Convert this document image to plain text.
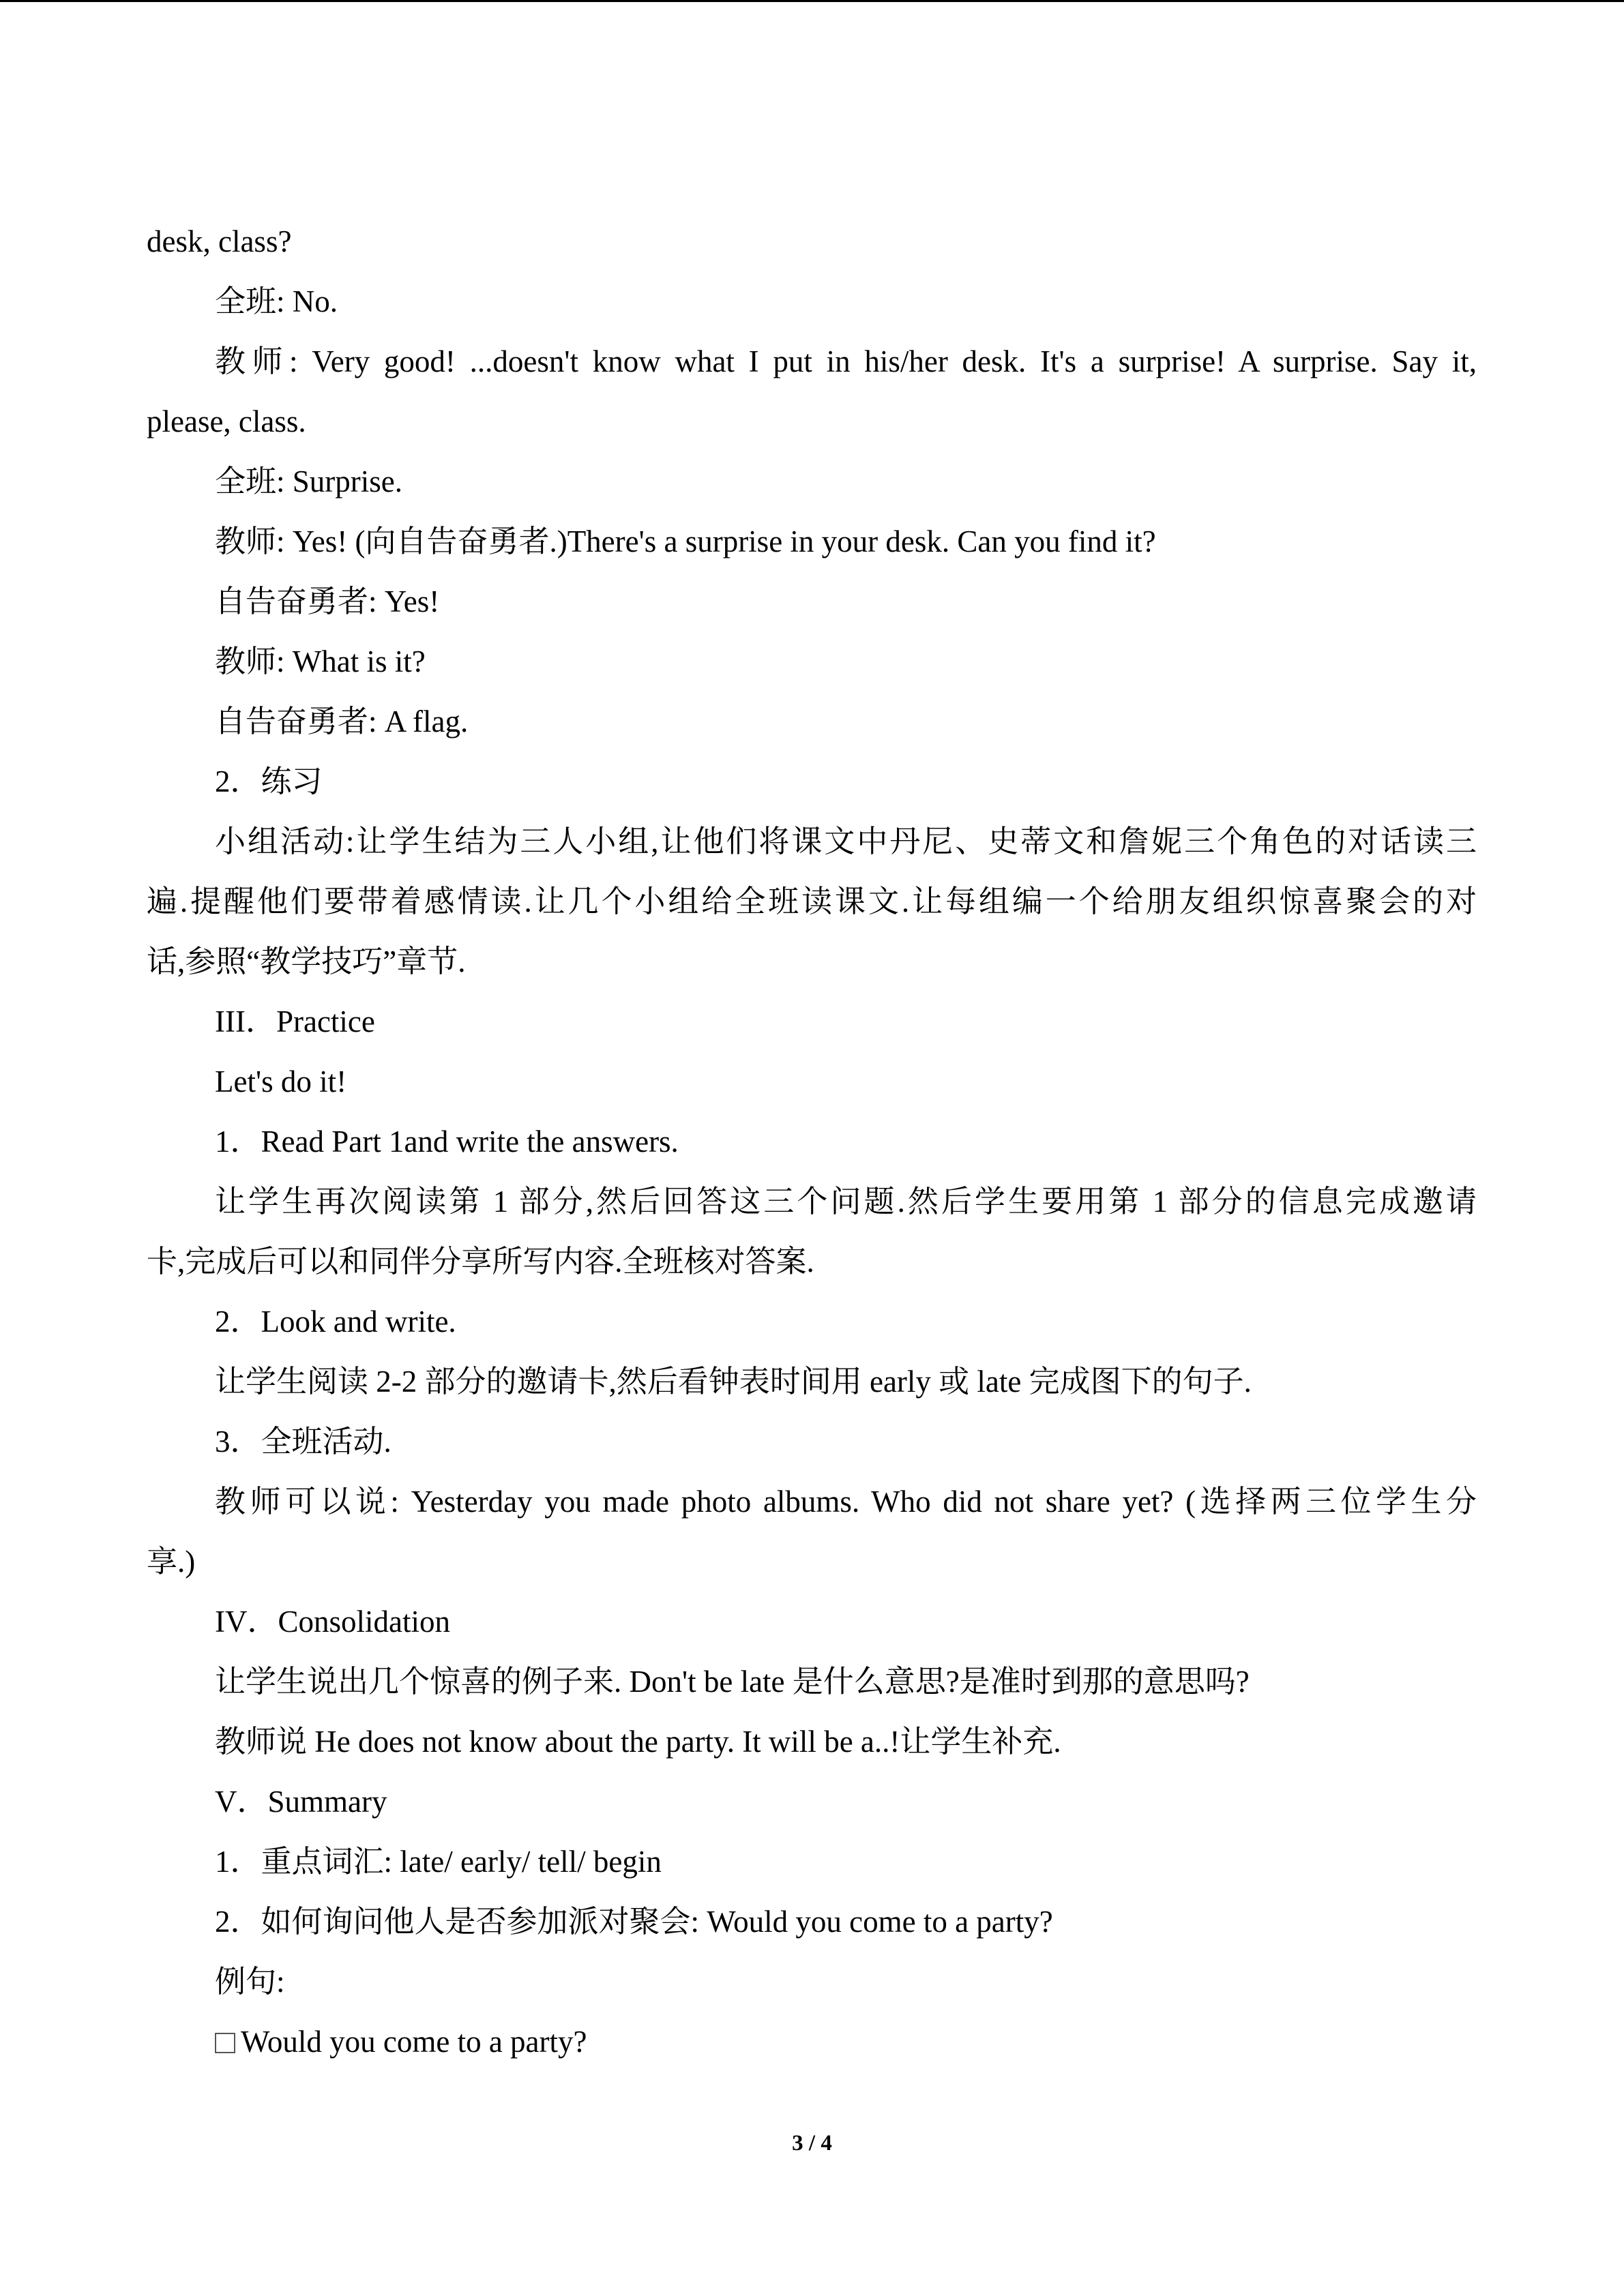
desk, class?
全班: No.
教师: Very good! ...doesn't know what I put in his/her desk. It's a surprise! A surprise. Say it,
please, class.
全班: Surprise.
教师: Yes! (向自告奋勇者.)There's a surprise in your desk. Can you find it?
自告奋勇者: Yes!
教师: What is it?
自告奋勇者: A flag.
2．练习
小组活动:让学生结为三人小组,让他们将课文中丹尼、史蒂文和詹妮三个角色的对话读三
遍.提醒他们要带着感情读.让几个小组给全班读课文.让每组编一个给朋友组织惊喜聚会的对
话,参照“教学技巧”章节.
III．Practice
Let's do it!
1．Read Part 1and write the answers.
让学生再次阅读第 1 部分,然后回答这三个问题.然后学生要用第 1 部分的信息完成邀请
卡,完成后可以和同伴分享所写内容.全班核对答案.
2．Look and write.
让学生阅读 2-2 部分的邀请卡,然后看钟表时间用 early 或 late 完成图下的句子.
3．全班活动.
教师可以说: Yesterday you made photo albums. Who did not share yet? (选择两三位学生分
享.)
IV．Consolidation
让学生说出几个惊喜的例子来. Don't be late 是什么意思?是准时到那的意思吗?
教师说 He does not know about the party. It will be a..!让学生补充.
V．Summary
1．重点词汇: late/ early/ tell/ begin
2．如何询问他人是否参加派对聚会: Would you come to a party?
例句:
Would you come to a party?
3 / 4
